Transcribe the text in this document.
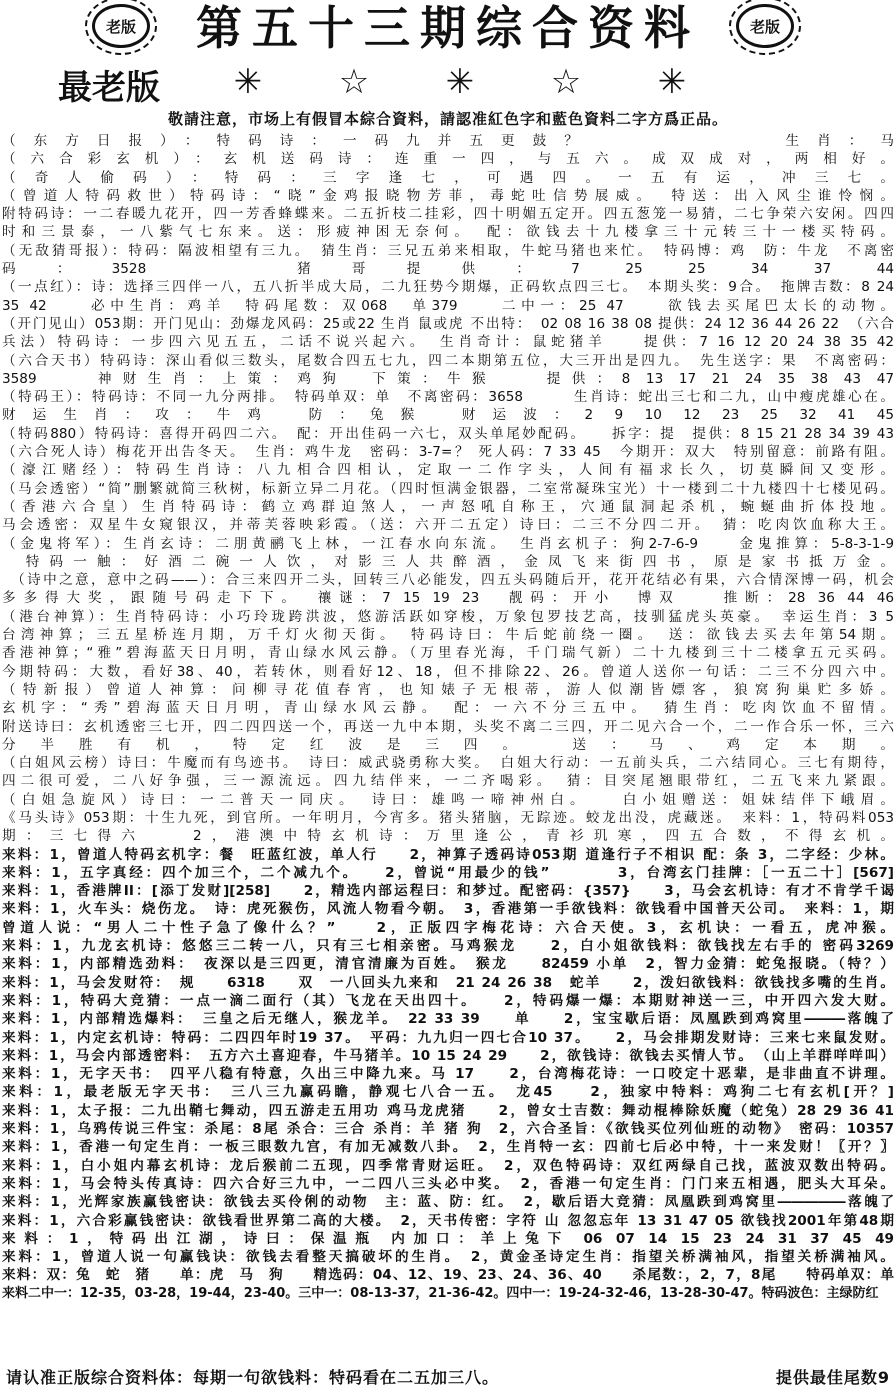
老版	第五十三期综合资料	老版
最老版	✳	☆	✳	☆	✳
敬請注意，市场上有假冒本綜合資料，請認准紅色字和藍色資料二字方爲正品。
（东方日报）：特码诗：一码九并五更鼓？　　　　　　生肖：马
（六合彩玄机）：玄机送码诗：连重一四，与五六。成双成对，两相好。
（奇人偷码）：特码：三字逢七，可遇四。一五有运，冲三七。
（曾道人特码救世）特码诗：“晓”金鸡报晓物芳菲，毒蛇吐信势展威。　特送：出入风尘谁怜悯。
附特码诗：一二春暖九花开，四一芳香蜂蝶来。二五折枝二挂彩，四十明媚五定开。四五葱笼一易猜，二七争荣六安闲。四四
时和三景泰，一八紫气七东来。送：形疲神困无奈何。　配：欲钱去十九楼拿三十元转三十一楼买特码。
（无敌猜哥报）：特码：隔波相望有三九。　猜生肖：三兄五弟来相取，牛蛇马猪也来忙。　特码博：鸡　防：牛龙　不离密
码：3528　　猪哥提供：7 25 25 34 37 44
（一点红）：诗：选择三四伴一八，五八折半成大局，二九狂势今期爆，正码软点四三七。　本期头奖：9合。　拖牌吉数：8 24
35 42　　必中生肖：鸡羊　特码尾数：双068　单379　　二中一：25 47　　欲钱去买尾巴太长的动物。
（开门见山）053期：开门见山：劲爆龙风码：25或22 生肖 鼠或虎 不出特：　02 08 16 38 08 提供：24 12 36 44 26 22　（六合
兵法）特码诗：一步四六见五五，二话不说兴起六。　生肖奇计：鼠蛇猪羊　　提供：7 16 12 20 24 38 35 42
（六合天书）特码诗：深山看似三数头，尾数合四五七九，四二本期第五位，大三开出是四九。　先生送字：果　不离密码：
3589　　神财生肖：上策：鸡狗　下策：牛猴　　提供：8 13 17 21 24 35 38 43 47
（特码王）：特码诗：不同一九分两排。　特码单双：单　不离密码：3658　　　生肖诗：蛇出三七和二九，山中瘦虎雄心在。
财运生肖：攻：牛鸡　防：兔猴　财运波：2 9 10 12 23 25 32 41 45
（特码880）特码诗：喜得开码四二六。　配：开出佳码一六七，双头单尾妙配码。　　拆字：提　提供：8 15 21 28 34 39 43
（六合死人诗）梅花开出告冬天。　生肖：鸡牛龙　密码：3-7=？ 死人码：7 33 45　今期开：双大　特别留意：前路有阻。
（濠江赌经）：特码生肖诗：八九相合四相认，定取一二作字头，人间有福求长久，切莫瞬间又变形。
（马会透密）“简”删繁就简三秋树，标新立异二月花。（四时恒满金银器，二室常凝珠宝光）十一楼到二十九楼四十七楼见码。
（香港六合皇）生肖特码诗：鹤立鸡群迫煞人，一声怒吼自称王，穴通鼠洞起杀机，蜿蜒曲折体投地。
马会透密：双星牛女窥银汉，并蒂芙蓉映彩霞。（送：六开二五定）诗曰：二三不分四二开。　猜：吃肉饮血称大王。
（金鬼将军）：生肖玄诗：二朋黄鹂飞上林，一江春水向东流。　生肖玄机子：狗2-7-6-9　　金鬼推算：5-8-3-1-9
　特码一触：好酒二碗一人饮，对影三人共醉酒，金凤飞来街四书，原是家书抵万金。
　（诗中之意，意中之码——）：合三来四开二头，回转三八必能发，四五头码随后开，花开花结必有果，六合情深博一码，机会
多多得大奖，跟随号码走下下。　禳谜：7 15 19 23　靓码：开小　博双　　推断：28 36 44 46
（港台神算）：生肖特码诗：小巧玲珑跨洪波，悠游活跃如穿梭，万象包罗技艺高，技驯猛虎头英豪。　幸运生肖：3 5
台湾神算；三五星桥连月期，万千灯火彻天街。　特码诗曰：牛后蛇前绕一圈。　送：欲钱去买去年第54期。
香港神算；“雅”碧海蓝天日月明，青山绿水风云静。（万里春光海，千门瑞气新）二十九楼到三十二楼拿五元买码。
今期特码：大数，看好38、40，若转休，则看好12、18，但不排除22、26。曾道人送你一句话：二三不分四六中。
（特新报）曾道人神算：问柳寻花值春宵，也知婊子无根蒂，游人似潮皆嫖客，狼窝狗巢贮多娇。
玄机字：“秀”碧海蓝天日月明，青山绿水风云静。　配：一六不分三五中。　猜生肖：吃肉饮血不留情。
附送诗曰：玄机透密三七开，四二四四送一个，再送一九中本期，头奖不离二三四，开二见六合一个，二一作合乐一怀，三六
分半胜有机，特定红波是三四。　送：马、鸡定本期。
（白姐风云榜）诗曰：牛魔而有鸟迹书。　诗曰：威武骁勇称大奖。　白姐大行动：一五前头兵，二六结同心。三七有期待，
四二很可爱，二八好争强，三一源流远。四九结伴来，一二齐喝彩。　猜：目突尾翘眼带红，二五飞来九紧跟。
（白姐急旋风）诗曰：一二普天一同庆。　诗曰：雄鸣一啼神州白。　　白小姐赠送：姐妹结伴下峨眉。
《马头诗》053期：十生九死，到官所。一年明月，今宵多。猪头猪脑，无踪迹。蛟龙出没，虎藏迷。　来料：1，特码料053
期：三七得六　　2，港澳中特玄机诗：万里逢公，青衫玑寒，四五合数，不得玄机。
来料：1，曾道人特码玄机字：餐　旺蓝红波，单人行　　2，神算子透码诗053期 道逢行子不相识 配：条 3，二字经：少林。
来料：1，五字真经：四个加三个，二个减九个。　　2，曾说“用最少的钱”　　　　3，台湾玄门挂牌：［一五二十］[567]
来料：1，香港牌II：[添丁发财][258]　　2，精选内部运程曰：和梦过。配密码：{357}　　3，马会玄机诗：有才不肯学千谒
来料：1，火车头：烧伤龙。　诗：虎死猴伤，风流人物看今朝。　3，香港第一手欲钱料：欲钱看中国普天公司。　来料：1，期
曾道人说：“男人二十性子急了像什么？”　　2，正版四字梅花诗：六合天使。3，玄机诀：一看五，虎冲猴。
来料：1，九龙玄机诗：悠悠三二转一八，只有三七相亲密。马鸡猴龙　　2，白小姐欲钱料：欲钱找左右手的 密码3269
来料：1，内部精选劲料：　夜深以是三四更，清官清廉为百姓。　猴龙　　82459 小单　2，智力金猜：蛇兔报晓。（特？）
来料：1，马会发财符：　规　　6318　　双　一八回头九来和　21 24 26 38　蛇羊　　2，泼妇欲钱料：欲钱找多嘴的生肖。
来料：1，特码大竞猜：一点一滴二面行（其）飞龙在天出四十。　　2，特码爆一爆：本期财神送一三，中开四六发大财。
来料：1，内部精选爆料：　三皇之后无继人，猴龙羊。　22 33 39　　单　　2，宝宝歇后语：凤凰跌到鸡窝里―――落魄了
来料：1，内定玄机诗：特码：二四四年时19 37。　平码：九九归一四七合10 37。　　2，马会排期发财诗：三来七来鼠发财。
来料：1，马会内部透密料：　五方六土喜迎春，牛马猪羊。10 15 24 29　　2，欲钱诗：欲钱去买情人节。　（山上羊群咩咩叫）
来料：1，无字天书：　四平八稳有特意，久出三中降九来。马 17　　2，台湾梅花诗：一口咬定十恶辈，是非曲直不讲理。
来料：1，最老版无字天书：　三八三九赢码瞻，静观七八合一五。　龙45　　2，独家中特料：鸡狗二七有玄机[开？]
来料：1，太子报：二九出鞘七舞动，四五游走五用功 鸡马龙虎猪　　2，曾女士吉数：舞动棍棒除妖魔（蛇兔）28 29 36 41
来料：1，乌鸦传说三件宝：杀尾：8尾 杀合：三合 杀肖：羊 猪 狗　2，六合圣旨：《欲钱买位列仙班的动物》　密码：10357
来料：1，香港一句定生肖：一板三眼数九宫，有加无减数八卦。　2，生肖特一玄：四前七后必中特，十一来发财！〖开？〗
来料：1，白小姐内幕玄机诗：龙后猴前二五现，四季常青财运旺。　2，双色特码诗：双红两绿自己找，蓝波双数出特码。
来料：1，马会特头传真诗：四六合好三九中，一二四八三头必中奖。　2，香港一句定生肖：门门来五相遇，肥头大耳朵。
来料：1，光辉家族赢钱密诀：欲钱去买伶俐的动物　主：蓝、防：红。　2，歇后语大竞猜：凤凰跌到鸡窝里―――――落魄了
来料：1，六合彩赢钱密诀：欲钱看世界第二高的大楼。　2，天书传密：字符 山 忽忽忘年 13 31 47 05 欲钱找2001年第48期
来料：1，特码出江湖，诗曰：保温瓶 内加口：羊上兔下 06 07 14 15 23 24 31 37 45 49
来料：1，曾道人说一句赢钱诀：欲钱去看整天搞破坏的生肖。　2，黄金圣诗定生肖：指望关桥满袖风，指望关桥满袖风。
来料：双：兔　蛇　猪　　单：虎　马　狗　　精选码：04、12、19、23、24、36、40　　杀尾数：，2，7，8尾　　特码单双：单
来料二中一：12-35，03-28，19-44，23-40。三中一：08-13-37，21-36-42。四中一：19-24-32-46，13-28-30-47。特码波色：主绿防红
请认准正版综合资料体：每期一句欲钱料：特码看在二五加三八。	提供最佳尾数9
